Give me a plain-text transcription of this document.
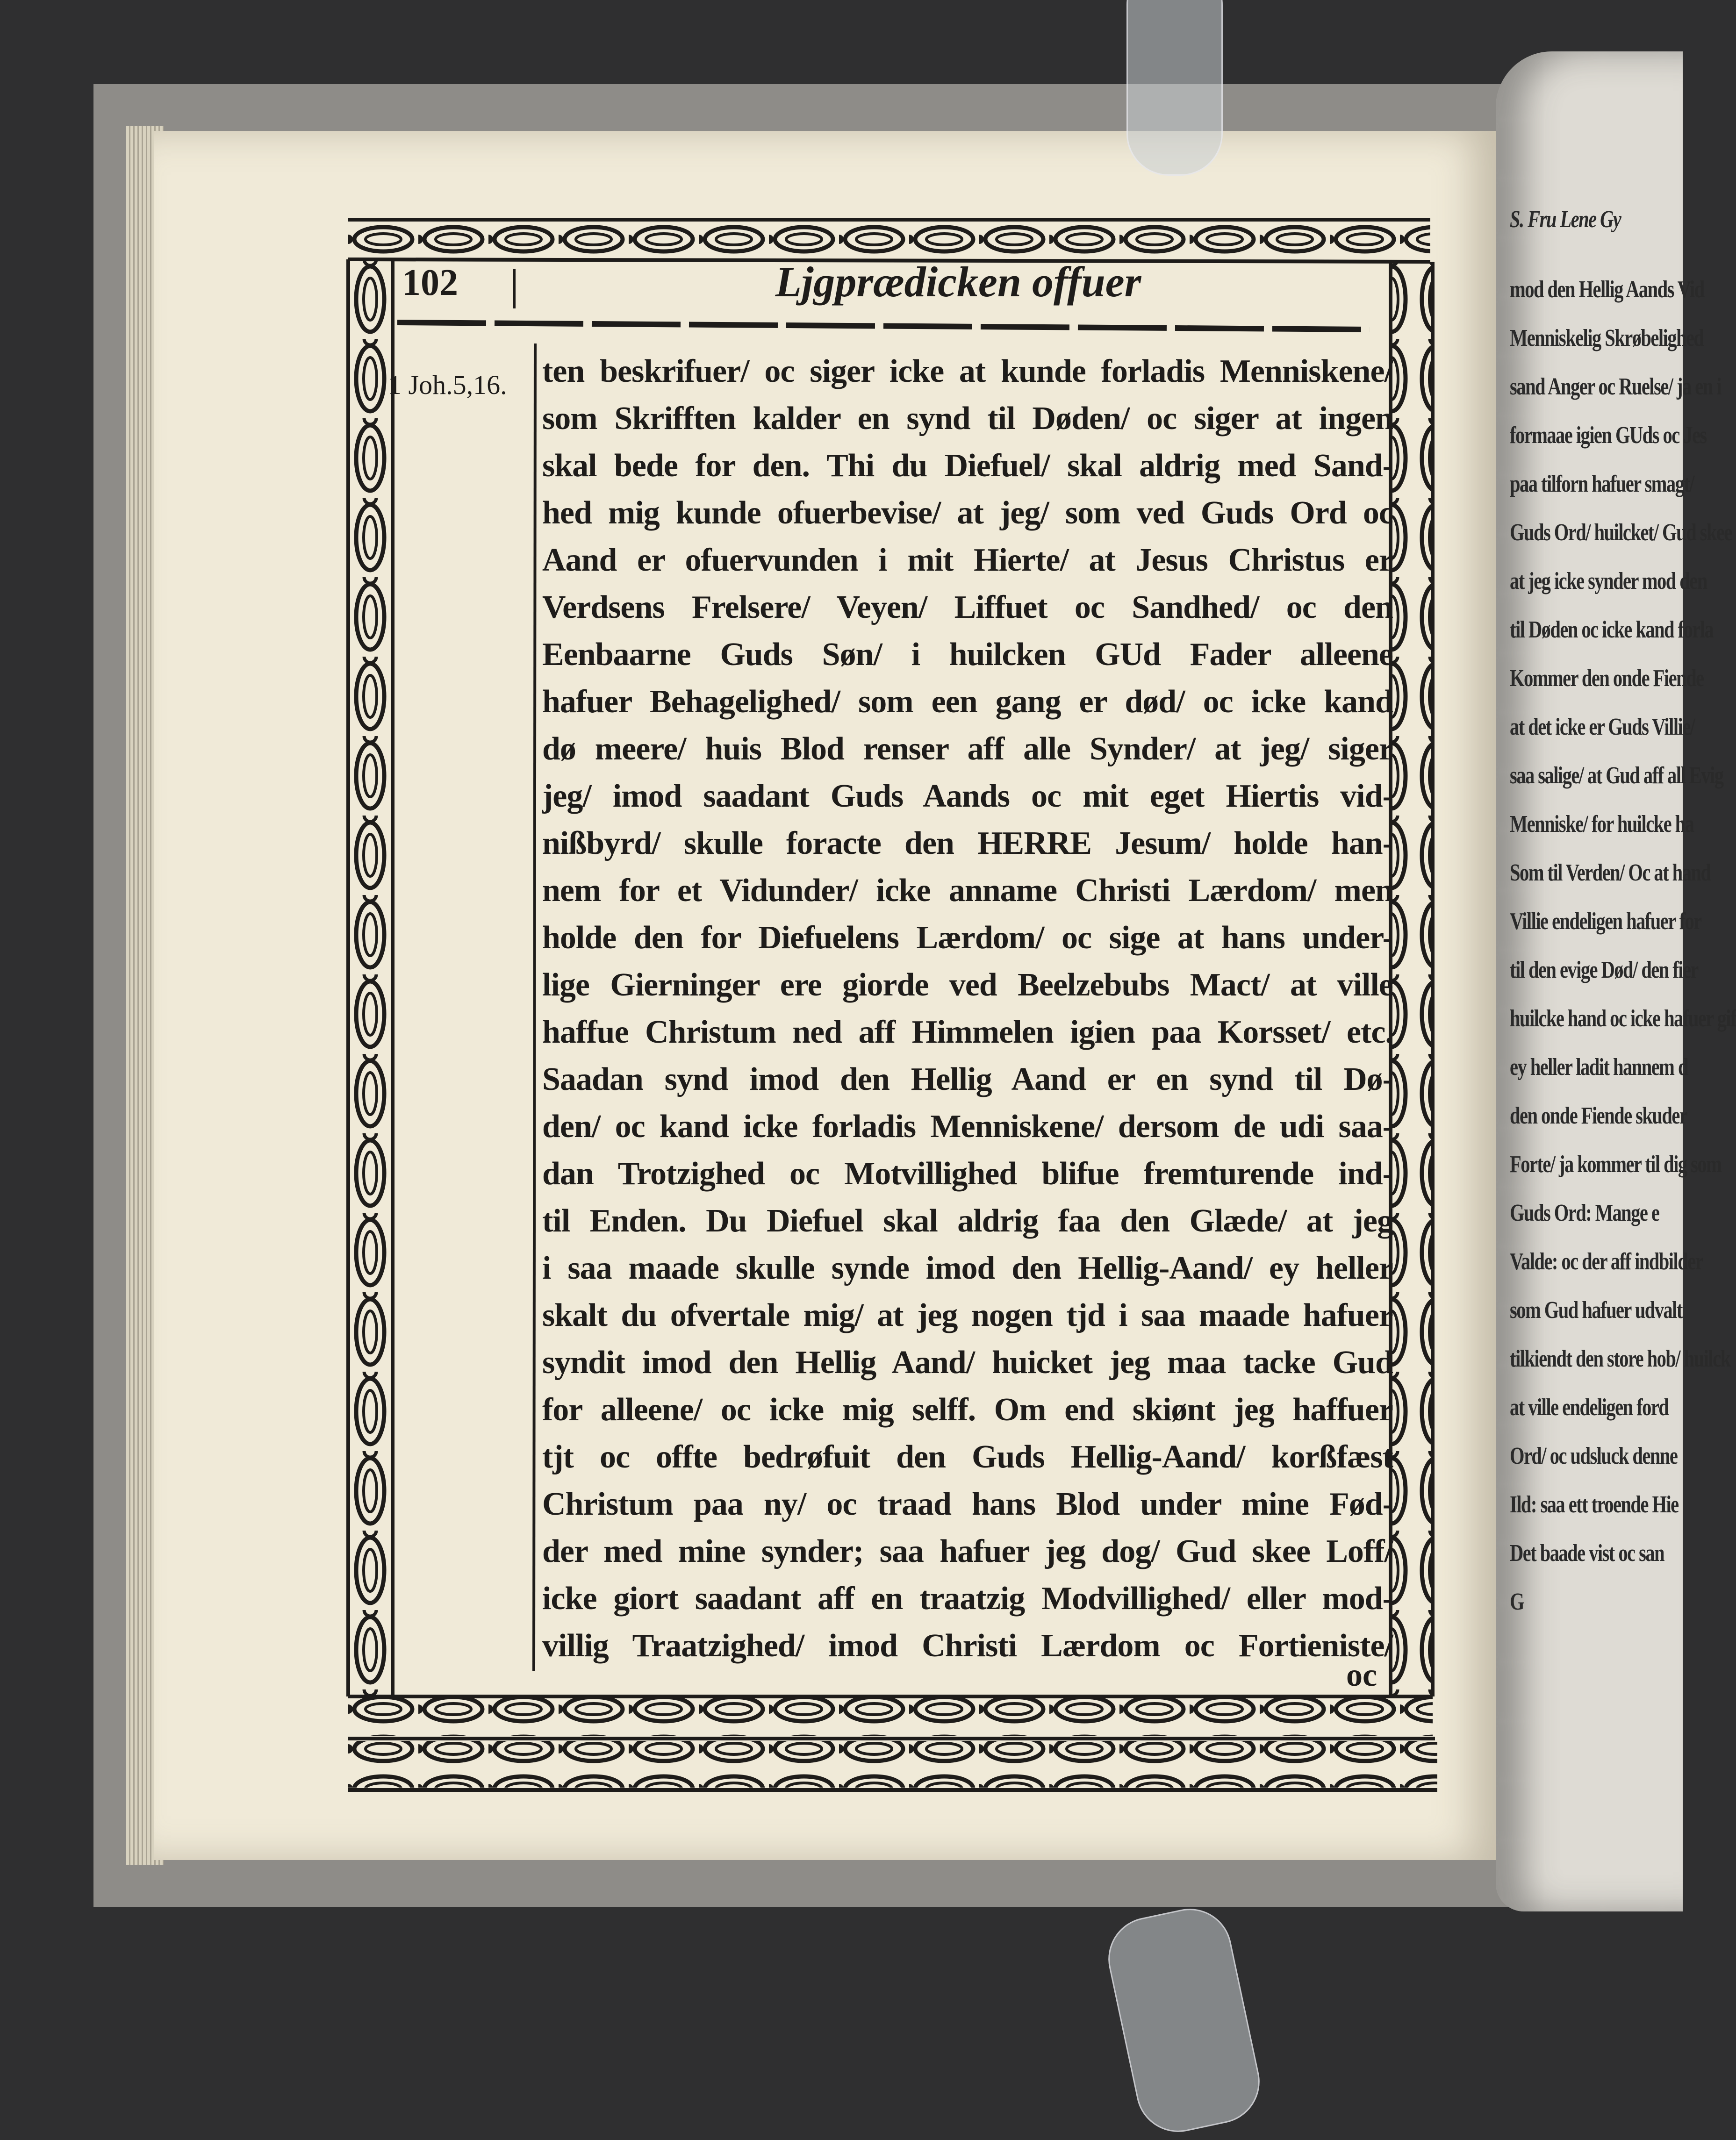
S. Fru Lene Gy
mod den Hellig Aands Vid
Menniskelig Skrøbelighed
sand Anger oc Ruelse/ ja en i
formaae igien GUds oc Jes
paa tilforn hafuer smagt/
Guds Ord/ huilcket/ Gud skee
at jeg icke synder mod den
til Døden oc icke kand forla
Kommer den onde Fiende
at det icke er Guds Villie/
saa salige/ at Gud aff all Evig
Menniske/ for huilcke ha
Som til Verden/ Oc at hand
Villie endeligen hafuer for
til den evige Død/ den fier
huilcke hand oc icke hafuer gif
ey heller ladit hannem d
den onde Fiende skuder
Forte/ ja kommer til dig som
Guds Ord: Mange e
Valde: oc der aff indbilder
som Gud hafuer udvalt
tilkiendt den store hob/ huilck
at ville endeligen ford
Ord/ oc udsluck denne
Ild: saa ett troende Hie
Det baade vist oc san
G
102	Ljgprædicken offuer
1 Joh.5,16. ten beskrifuer/ oc siger icke at kunde forladis Menniskene/
som Skrifften kalder en synd til Døden/ oc siger at ingen
skal bede for den. Thi du Diefuel/ skal aldrig med Sand-
hed mig kunde ofuerbevise/ at jeg/ som ved Guds Ord oc
Aand er ofuervunden i mit Hierte/ at Jesus Christus er
Verdsens Frelsere/ Veyen/ Liffuet oc Sandhed/ oc den
Eenbaarne Guds Søn/ i huilcken GUd Fader alleene
hafuer Behagelighed/ som een gang er død/ oc icke kand
dø meere/ huis Blod renser aff alle Synder/ at jeg/ siger
jeg/ imod saadant Guds Aands oc mit eget Hiertis vid-
nißbyrd/ skulle foracte den HERRE Jesum/ holde han-
nem for et Vidunder/ icke anname Christi Lærdom/ men
holde den for Diefuelens Lærdom/ oc sige at hans under-
lige Gierninger ere giorde ved Beelzebubs Mact/ at ville
haffue Christum ned aff Himmelen igien paa Korsset/ etc.
Saadan synd imod den Hellig Aand er en synd til Dø-
den/ oc kand icke forladis Menniskene/ dersom de udi saa-
dan Trotzighed oc Motvillighed blifue fremturende ind-
til Enden. Du Diefuel skal aldrig faa den Glæde/ at jeg
i saa maade skulle synde imod den Hellig-Aand/ ey heller
skalt du ofvertale mig/ at jeg nogen tjd i saa maade hafuer
syndit imod den Hellig Aand/ huicket jeg maa tacke Gud
for alleene/ oc icke mig selff. Om end skiønt jeg haffuer
tjt oc offte bedrøfuit den Guds Hellig-Aand/ korßfæst
Christum paa ny/ oc traad hans Blod under mine Fød-
der med mine synder; saa hafuer jeg dog/ Gud skee Loff/
icke giort saadant aff en traatzig Modvillighed/ eller mod-
villig Traatzighed/ imod Christi Lærdom oc Fortieniste/
oc
